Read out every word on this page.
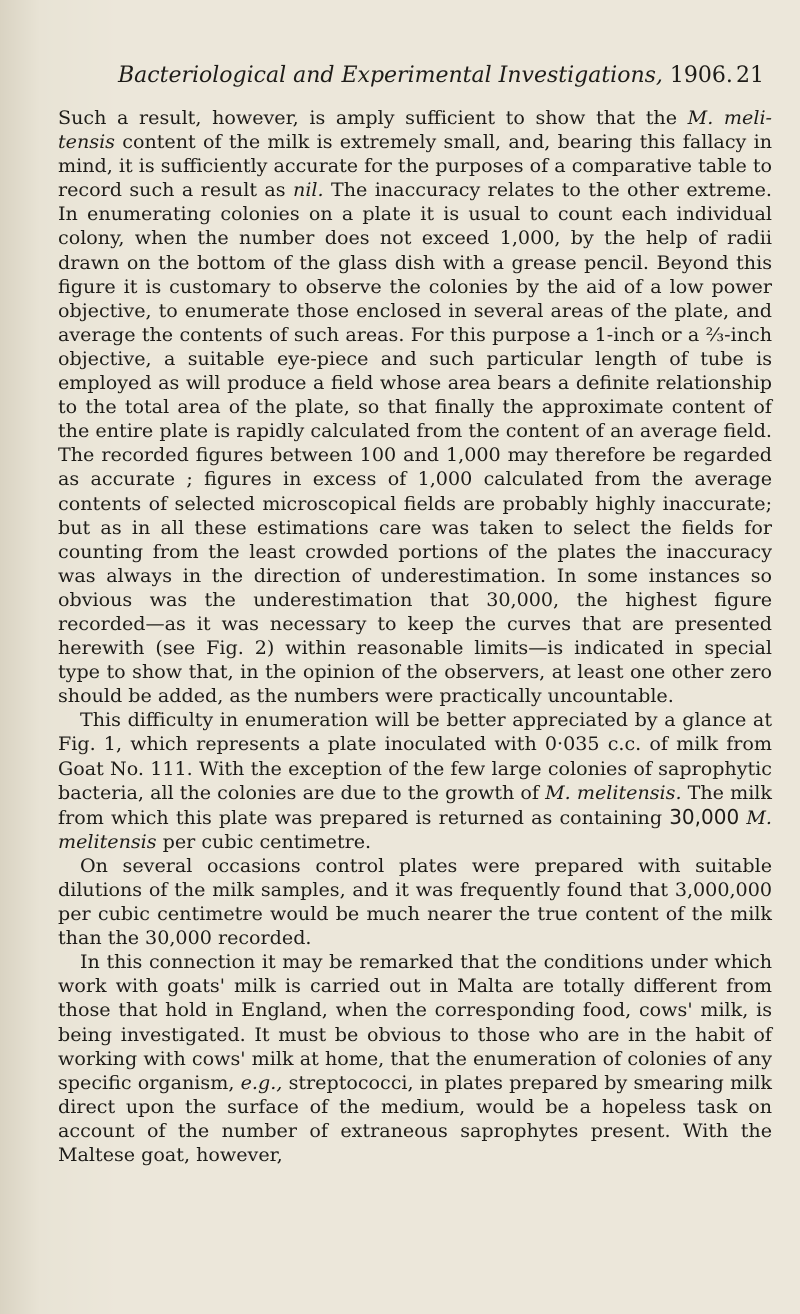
Bacteriological and Experimental Investigations, 1906. 21

Such a result, however, is amply sufficient to show that the M. meli-tensis content of the milk is extremely small, and, bearing this fallacy in mind, it is sufficiently accurate for the purposes of a comparative table to record such a result as nil. The inaccuracy relates to the other extreme. In enumerating colonies on a plate it is usual to count each individual colony, when the number does not exceed 1,000, by the help of radii drawn on the bottom of the glass dish with a grease pencil. Beyond this figure it is customary to observe the colonies by the aid of a low power objective, to enumerate those enclosed in several areas of the plate, and average the contents of such areas. For this purpose a 1-inch or a ⅔-inch objective, a suitable eye-piece and such particular length of tube is employed as will produce a field whose area bears a definite relationship to the total area of the plate, so that finally the approximate content of the entire plate is rapidly calculated from the content of an average field. The recorded figures between 100 and 1,000 may therefore be regarded as accurate ; figures in excess of 1,000 calculated from the average contents of selected microscopical fields are probably highly inaccurate; but as in all these estimations care was taken to select the fields for counting from the least crowded portions of the plates the inaccuracy was always in the direction of underestimation. In some instances so obvious was the underestimation that 30,000, the highest figure recorded—as it was necessary to keep the curves that are presented herewith (see Fig. 2) within reasonable limits—is indicated in special type to show that, in the opinion of the observers, at least one other zero should be added, as the numbers were practically uncountable.

This difficulty in enumeration will be better appreciated by a glance at Fig. 1, which represents a plate inoculated with 0·035 c.c. of milk from Goat No. 111. With the exception of the few large colonies of saprophytic bacteria, all the colonies are due to the growth of M. melitensis. The milk from which this plate was prepared is returned as containing 30,000 M. melitensis per cubic centimetre.

On several occasions control plates were prepared with suitable dilutions of the milk samples, and it was frequently found that 3,000,000 per cubic centimetre would be much nearer the true content of the milk than the 30,000 recorded.

In this connection it may be remarked that the conditions under which work with goats' milk is carried out in Malta are totally different from those that hold in England, when the corresponding food, cows' milk, is being investigated. It must be obvious to those who are in the habit of working with cows' milk at home, that the enumeration of colonies of any specific organism, e.g., streptococci, in plates prepared by smearing milk direct upon the surface of the medium, would be a hopeless task on account of the number of extraneous saprophytes present. With the Maltese goat, however,
